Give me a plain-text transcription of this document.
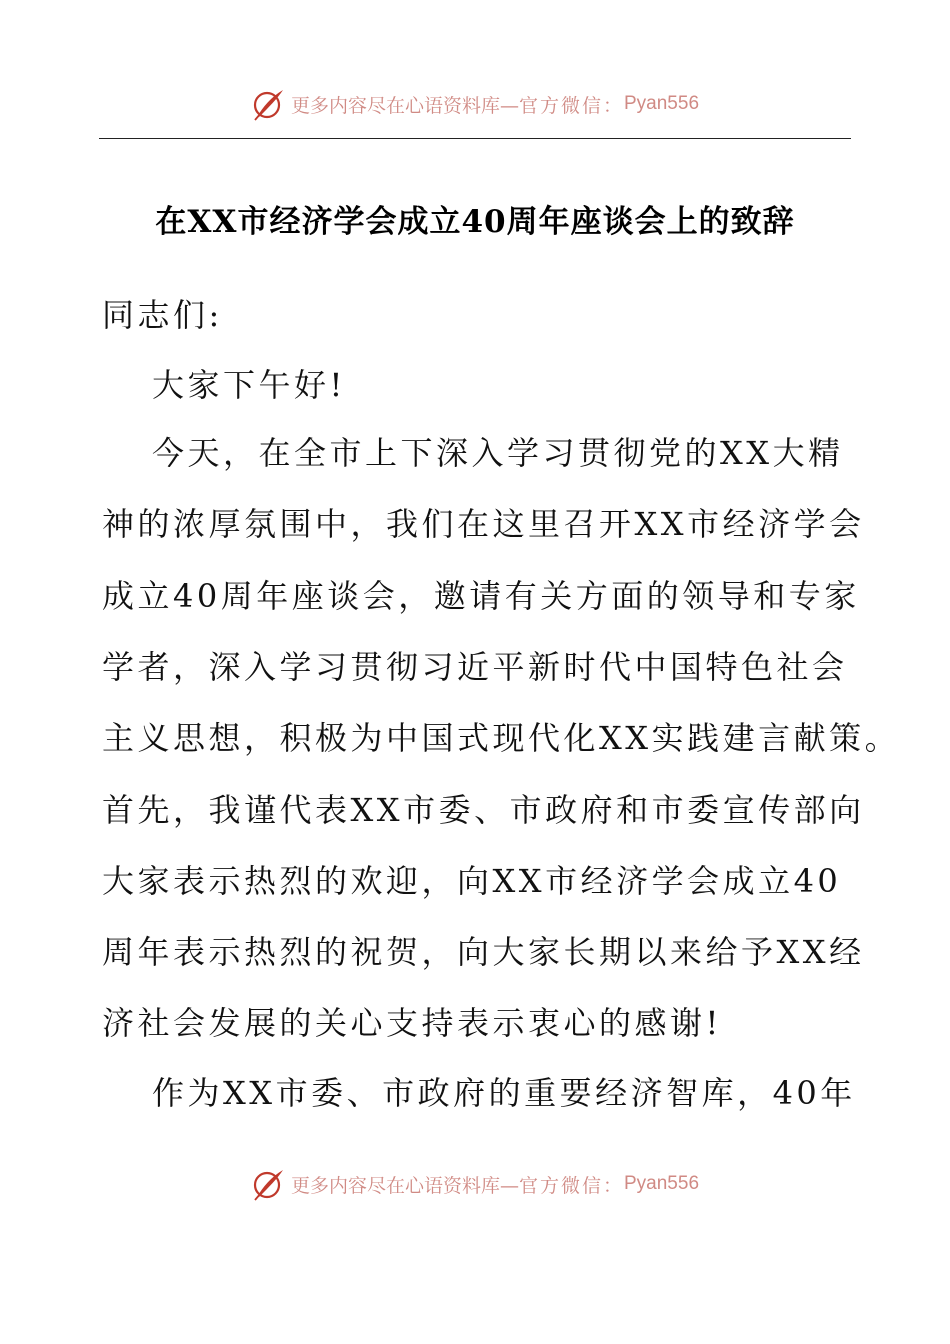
更多内容尽在心语资料库— 官方微信： Pyan556
在XX市经济学会成立40周年座谈会上的致辞
同志们:
大家下午好!
今天，在全市上下深入学习贯彻党的XX大精
神的浓厚氛围中，我们在这里召开XX市经济学会
成立40周年座谈会，邀请有关方面的领导和专家
学者，深入学习贯彻习近平新时代中国特色社会
主义思想，积极为中国式现代化XX实践建言献策。
首先，我谨代表XX市委、市政府和市委宣传部向
大家表示热烈的欢迎，向XX市经济学会成立40
周年表示热烈的祝贺，向大家长期以来给予XX经
济社会发展的关心支持表示衷心的感谢!
作为XX市委、市政府的重要经济智库，40年
更多内容尽在心语资料库— 官方微信： Pyan556
